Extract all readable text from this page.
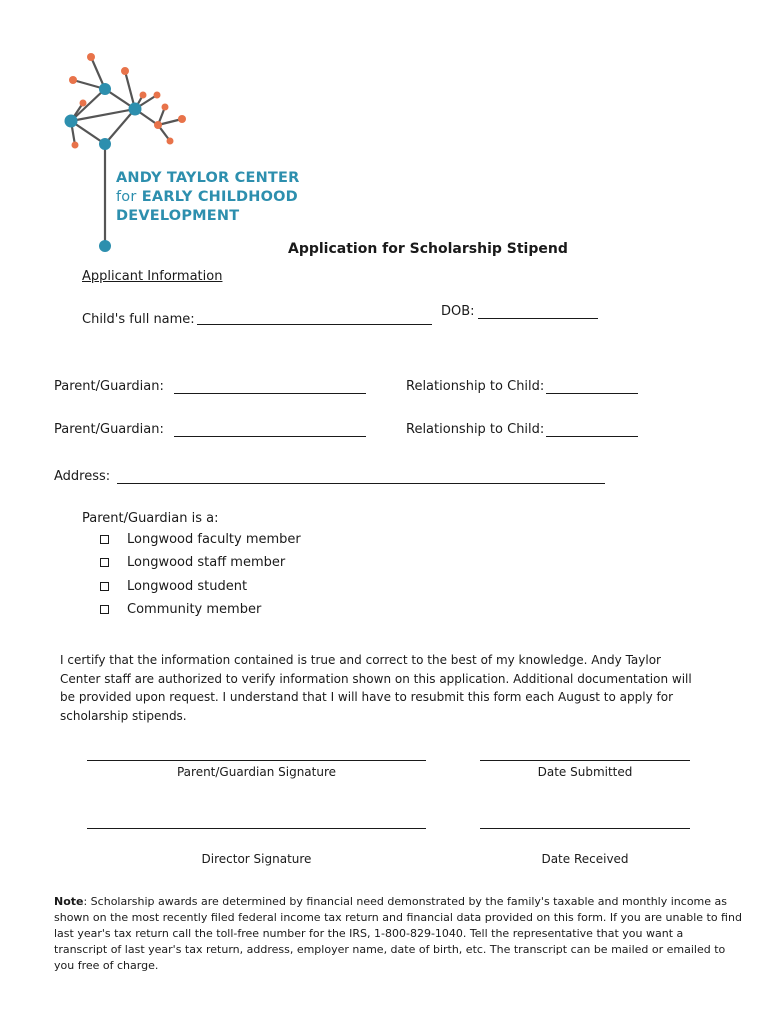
ANDY TAYLOR CENTER
for EARLY CHILDHOOD
DEVELOPMENT
Application for Scholarship Stipend
Applicant Information
Child's full name:
DOB:
Parent/Guardian:	Relationship to Child:
Parent/Guardian:	Relationship to Child:
Address:
Parent/Guardian is a:
Longwood faculty member
Longwood staff member
Longwood student
Community member
I certify that the information contained is true and correct to the best of my knowledge. Andy Taylor
Center staff are authorized to verify information shown on this application. Additional documentation will
be provided upon request. I understand that I will have to resubmit this form each August to apply for
scholarship stipends.
Parent/Guardian Signature	Date Submitted
Director Signature	Date Received
Note: Scholarship awards are determined by financial need demonstrated by the family's taxable and monthly income as
shown on the most recently filed federal income tax return and financial data provided on this form. If you are unable to find
last year's tax return call the toll-free number for the IRS, 1-800-829-1040. Tell the representative that you want a
transcript of last year's tax return, address, employer name, date of birth, etc. The transcript can be mailed or emailed to
you free of charge.
